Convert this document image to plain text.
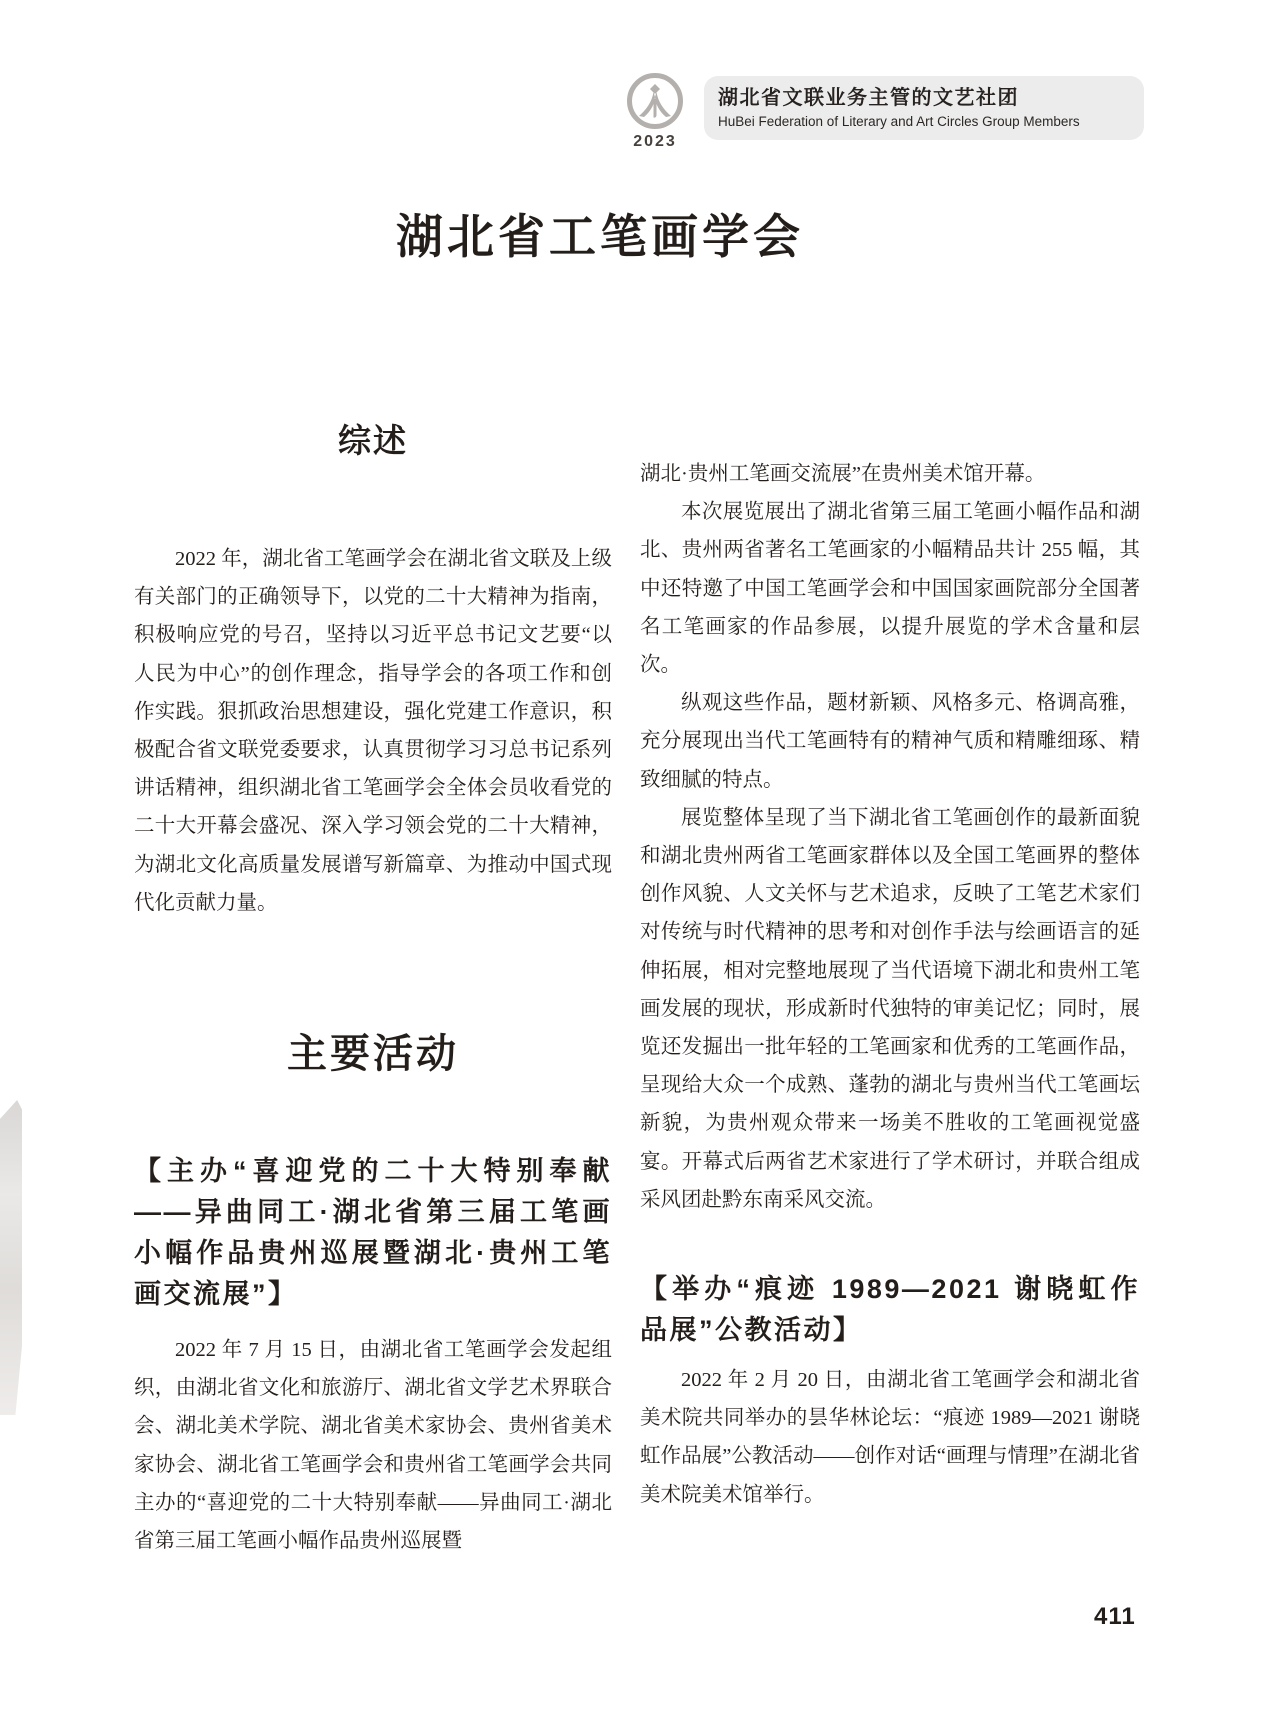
2023
湖北省文联业务主管的文艺社团
HuBei Federation of Literary and Art Circles Group Members
湖北省工笔画学会
综述

2022 年，湖北省工笔画学会在湖北省文联及上级有关部门的正确领导下，以党的二十大精神为指南，积极响应党的号召，坚持以习近平总书记文艺要“以人民为中心”的创作理念，指导学会的各项工作和创作实践。狠抓政治思想建设，强化党建工作意识，积极配合省文联党委要求，认真贯彻学习习总书记系列讲话精神，组织湖北省工笔画学会全体会员收看党的二十大开幕会盛况、深入学习领会党的二十大精神，为湖北文化高质量发展谱写新篇章、为推动中国式现代化贡献力量。

主要活动
【主办“喜迎党的二十大特别奉献——异曲同工·湖北省第三届工笔画小幅作品贵州巡展暨湖北·贵州工笔画交流展”】

2022 年 7 月 15 日，由湖北省工笔画学会发起组织，由湖北省文化和旅游厅、湖北省文学艺术界联合会、湖北美术学院、湖北省美术家协会、贵州省美术家协会、湖北省工笔画学会和贵州省工笔画学会共同主办的“喜迎党的二十大特别奉献——异曲同工·湖北省第三届工笔画小幅作品贵州巡展暨

湖北·贵州工笔画交流展”在贵州美术馆开幕。

本次展览展出了湖北省第三届工笔画小幅作品和湖北、贵州两省著名工笔画家的小幅精品共计 255 幅，其中还特邀了中国工笔画学会和中国国家画院部分全国著名工笔画家的作品参展，以提升展览的学术含量和层次。

纵观这些作品，题材新颖、风格多元、格调高雅，充分展现出当代工笔画特有的精神气质和精雕细琢、精致细腻的特点。

展览整体呈现了当下湖北省工笔画创作的最新面貌和湖北贵州两省工笔画家群体以及全国工笔画界的整体创作风貌、人文关怀与艺术追求，反映了工笔艺术家们对传统与时代精神的思考和对创作手法与绘画语言的延伸拓展，相对完整地展现了当代语境下湖北和贵州工笔画发展的现状，形成新时代独特的审美记忆；同时，展览还发掘出一批年轻的工笔画家和优秀的工笔画作品，呈现给大众一个成熟、蓬勃的湖北与贵州当代工笔画坛新貌，为贵州观众带来一场美不胜收的工笔画视觉盛宴。开幕式后两省艺术家进行了学术研讨，并联合组成采风团赴黔东南采风交流。

【举办“痕迹 1989—2021 谢晓虹作品展”公教活动】

2022 年 2 月 20 日，由湖北省工笔画学会和湖北省美术院共同举办的昙华林论坛：“痕迹 1989—2021 谢晓虹作品展”公教活动——创作对话“画理与情理”在湖北省美术院美术馆举行。

411
